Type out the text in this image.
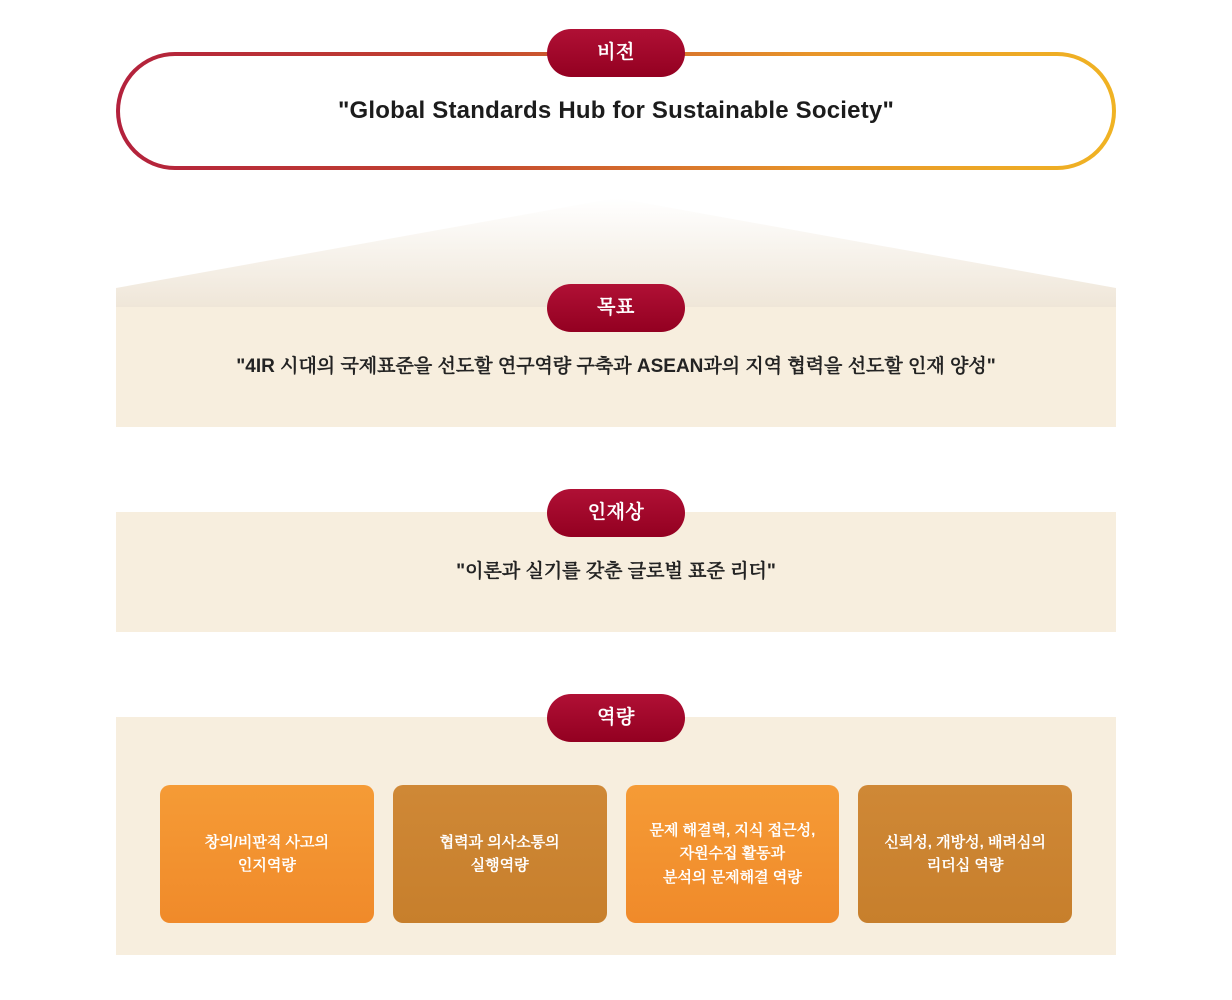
"Global Standards Hub for Sustainable Society"
비전
"4IR 시대의 국제표준을 선도할 연구역량 구축과 ASEAN과의 지역 협력을 선도할 인재 양성"
목표
"이론과 실기를 갖춘 글로벌 표준 리더"
인재상
창의/비판적 사고의
인지역량
협력과 의사소통의
실행역량
문제 해결력, 지식 접근성,
자원수집 활동과
분석의 문제해결 역량
신뢰성, 개방성, 배려심의
리더십 역량
역량
